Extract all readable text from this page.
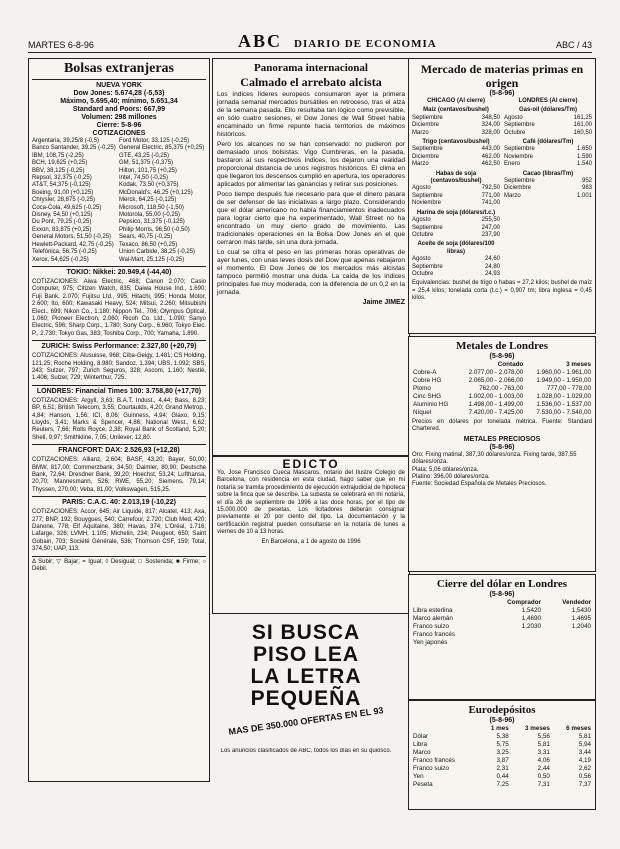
MARTES 6-8-96	ABC DIARIO DE ECONOMIA	ABC / 43
Bolsas extranjeras
NUEVA YORK
Dow Jones: 5.674,28 (-5,53)
Máximo, 5.695,40; mínimo, 5.651,34
Standard and Poors: 667,99
Volumen: 298 millones
Cierre: 5-8-96
COTIZACIONES
Argentaria, 39,25/8 (-0,5)	Ford Motor, 33,125 (-0,25)
Banco Santander, 39,25 (-0,25) General Electric, 85,375 (+0,25)
IBM, 108,75 (-2,25)	GTE, 43,25 (-0,25)
BCH, 19,625 (+0,25)	GM, 51,375 (-0,375)
BBV, 38,125 (-0,25)	Hilton, 101,75 (+0,25)
Repsol, 32,375 (-0,25)	Intel, 74,50 (-0,25)
AT&T, 54,375 (-0,125)	Kodak, 73,50 (+0,375)
Boeing, 91,00 (+0,125)	McDonald's, 46,25 (+0,125)
Chrysler, 28,875 (-0,25)	Merck, 64,25 (-0,125)
Coca-Cola, 49,625 (-0,25)	Microsoft, 118,50 (-1,50)
Disney, 54,50 (+0,125)	Motorola, 55,00 (-0,25)
Du Pont, 79,25 (-0,25)	Pepsico, 31,375 (-0,125)
Exxon, 83,875 (+0,25)	Philip Morris, 96,50 (-0,50)
General Motors, 51,50 (-0,25)	Sears, 40,75 (-0,25)
Hewlett-Packard, 42,75 (-0,25) Texaco, 86,50 (+0,25)
Telefónica, 56,75 (-0,25)	Union Carbide, 38,25 (-0,25)
Xerox, 54,625 (-0,25)	Wal-Mart, 25,125 (-0,25)
TOKIO: Nikkei: 20.949,4 (-44,40)
COTIZACIONES: Aiwa Electric, 468; Canon 2.070; Casio Computer, 975; Citizen Watch, 835; Daiwa House Ind., 1.690; Fuji Bank, 2.070; Fujitsu Ltd., 995; Hitachi, 995; Honda Motor, 2.600; Ito, 600; Kawasaki Heavy, 524; Mitsui, 2.260; Mitsubishi Elect., 699; Nikon Co., 1.180; Nippon Tel., 706; Olympus Optical, 1.060; Pioneer Electron, 2.060; Ricoh Co. Ltd., 1.090; Sanyo Electric, 596; Sharp Corp., 1.780; Sony Corp., 6.960; Tokyo Elec. P., 2.730; Tokyo Gas, 383; Toshiba Corp., 700; Yamaha, 1.890.
ZURICH: Swiss Performance: 2.327,80 (+20,79)
COTIZACIONES: Alusuisse, 968; Ciba-Geigy, 1.481; CS Holding, 121,25; Roche Holding, 8.980; Sandoz, 1.394; UBS, 1.092; SBS, 243; Sulzer, 797; Zurich Seguros, 328; Ascom, 1.160; Nestlé, 1.406; Sulzer, 729; Winterthur, 725.
LONDRES: Financial Times 100: 3.758,80 (+17,70)
COTIZACIONES: Argyll, 3,63; B.A.T. Indust., 4,44; Bass, 8,23; BP, 6,51; British Telecom, 3,55; Courtaulds, 4,20; Grand Metrop., 4,84; Hanson, 1,56; ICI, 8,06; Guinness, 4,94; Glaxo, 9,15; Lloyds, 3,41; Marks & Spencer, 4,86; National West., 6,62; Reuters, 7,66; Rolls Royce, 2,38; Royal Bank of Scotland, 5,20; Shell, 9,97; Smithkline, 7,05; Unilever, 12,80.
FRANCFORT: DAX: 2.526,93 (+12,28)
COTIZACIONES: Allianz, 2.604; BASF, 43,20; Bayer, 50,00; BMW, 817,00; Commerzbank, 34,50; Daimler, 80,90; Deutsche Bank, 72,64; Dresdner Bank, 39,20; Hoechst, 53,24; Lufthansa, 20,70; Mannesmann, 526; RWE, 55,20; Siemens, 79,14; Thyssen, 270,00; Veba, 81,00; Volkswagen, 515,25.
PARIS: C.A.C. 40: 2.013,19 (-10,22)
COTIZACIONES: Accor, 645; Air Liquide, 817; Alcatel, 413; Axa, 277; BNP, 192; Bouygues, 540; Carrefour, 2.720; Club Med, 420; Danone, 778; Elf Aquitaine, 380; Havas, 374; L'Oréal, 1.716; Lafarge, 326; LVMH, 1.105; Michelin, 234; Peugeot, 650; Saint Gobain, 703; Société Générale, 536; Thomson CSF, 159; Total, 374,50; UAP, 113.
Δ Subir; ▽ Bajar; = Igual; ◊ Desigual; □ Sostenida; ■ Firme; ○ Débil.
Panorama internacional
Calmado el arrebato alcista
Los índices líderes europeos consumaron ayer la primera jornada semanal mercados bursátiles en retroceso, tras el alza de la semana pasada. Ello resultaba tan lógico como previsible, en sólo cuatro sesiones, el Dow Jones de Wall Street había encaminado un firme repunte hacia territorios de máximos históricos.
Pero los alcances no se han conservado: no pudieron por demasiado unos bolsistas. Vigo Cumbreras, en la pasada, bastaron al sus respectivos índices, los dejaron una realidad proporcional distancia de unos registros históricos. El clima en que llegaron los descensos cumplió en apertura, los operadores aplicados por alimentar las ganancias y retirar sus posiciones.
Poco tiempo después fue necesario para que el dinero pasara de ser defensor de las iniciativas a largo plazo. Considerando que el dólar americano no había financiamientos inadecuados para lograr cierto que ha experimentado, Wall Street no ha encontrado un muy cierto grado de movimiento. Las tradicionales operaciones en la Bolsa Dow Jones en el que cerraron más tarde, sin una dura jornada.
Lo cual se cifra el peso en las primeras horas operativas de ayer lunes, con unas leves dosis del Dow que apenas rebajaron el momento. El Dow Jones de los mercados más alcistas tampoco permitió mostrar una duda. La caída de los índices principales fue muy moderada, con la diferencia de un 0,2 en la jornada.
Jaime JIMEZ
EDICTO
Yo, Jose Francisco Cueca Mascaros, notario del Ilustre Colegio de Barcelona, con residencia en esta ciudad, hago saber que en mi notaría se tramita procedimiento de ejecución extrajudicial de hipoteca sobre la finca que se describe. La subasta se celebrará en mi notaría, el día 26 de septiembre de 1996 a las doce horas, por el tipo de 15.000.000 de pesetas. Los licitadores deberán consignar previamente el 20 por ciento del tipo. La documentación y la certificación registral pueden consultarse en la notaría de lunes a viernes de 10 a 13 horas.
En Barcelona, a 1 de agosto de 1996
SI BUSCA
PISO LEA
LA LETRA
PEQUEÑA
MAS DE 350.000 OFERTAS EN EL 93
Los anuncios clasificados de ABC, todos los días en su quiosco.
Mercado de materias primas en origen
(5-8-96)
CHICAGO (Al cierre)
Maíz (centavos/bushel)
Septiembre	348,50
Diciembre	324,00
Marzo	328,00
Trigo (centavos/bushel)
Septiembre	443,00
Diciembre	462,00
Marzo	462,50
Habas de soja (centavos/bushel)
Agosto	792,50
Septiembre	771,00
Noviembre	741,00
Harina de soja (dólares/t.c.)
Agosto	255,50
Septiembre	247,00
Octubre	237,90
Aceite de soja (dólares/100 libras)
Agosto	24,60
Septiembre	24,80
Octubre	24,93
LONDRES (Al cierre)
Gas-oil (dólares/Tm)
Agosto	161,25
Septiembre	161,00
Octubre	160,50
Café (dólares/Tm)
Septiembre	1.650
Noviembre	1.590
Enero	1.540
Cacao (libras/Tm)
Septiembre	952
Diciembre	983
Marzo	1.001
Equivalencias: bushel de trigo o habas = 27,2 kilos; bushel de maíz = 25,4 kilos; tonelada corta (t.c.) = 0,907 tm; libra inglesa = 0,45 kilos.
Metales de Londres
(5-8-96)
	Contado	3 meses
Cobre-A	2.077,00 - 2.078,00	1.960,00 - 1.961,00
Cobre HG	2.065,00 - 2.066,00	1.949,00 - 1.950,00
Plomo	762,00 - 763,00	777,00 - 778,00
Cinc SHG	1.002,00 - 1.003,00	1.028,00 - 1.029,00
Aluminio HG	1.498,00 - 1.499,00	1.536,00 - 1.537,00
Níquel	7.420,00 - 7.425,00	7.530,00 - 7.540,00
Precios en dólares por tonelada métrica. Fuente: Standard Chartered.
METALES PRECIOSOS
(5-8-96)
Oro: Fixing matinal, 387,30 dólares/onza. Fixing tarde, 387,55 dólares/onza.
Plata: 5,06 dólares/onza.
Platino: 396,00 dólares/onza.
Fuente: Sociedad Española de Metales Preciosos.
Cierre del dólar en Londres
(5-8-96)
	Comprador	Vendedor
Libra esterlina	1,5420	1,5430
Marco alemán	1,4690	1,4695
Franco suizo	1,2030	1,2040
Franco francés		
Yen japonés		
Eurodepósitos
(5-8-96)
	1 mes	3 meses	6 meses
Dólar	5,38	5,56	5,81
Libra	5,75	5,81	5,94
Marco	3,25	3,31	3,44
Franco francés	3,87	4,06	4,19
Franco suizo	2,31	2,44	2,62
Yen	0,44	0,50	0,56
Peseta	7,25	7,31	7,37
